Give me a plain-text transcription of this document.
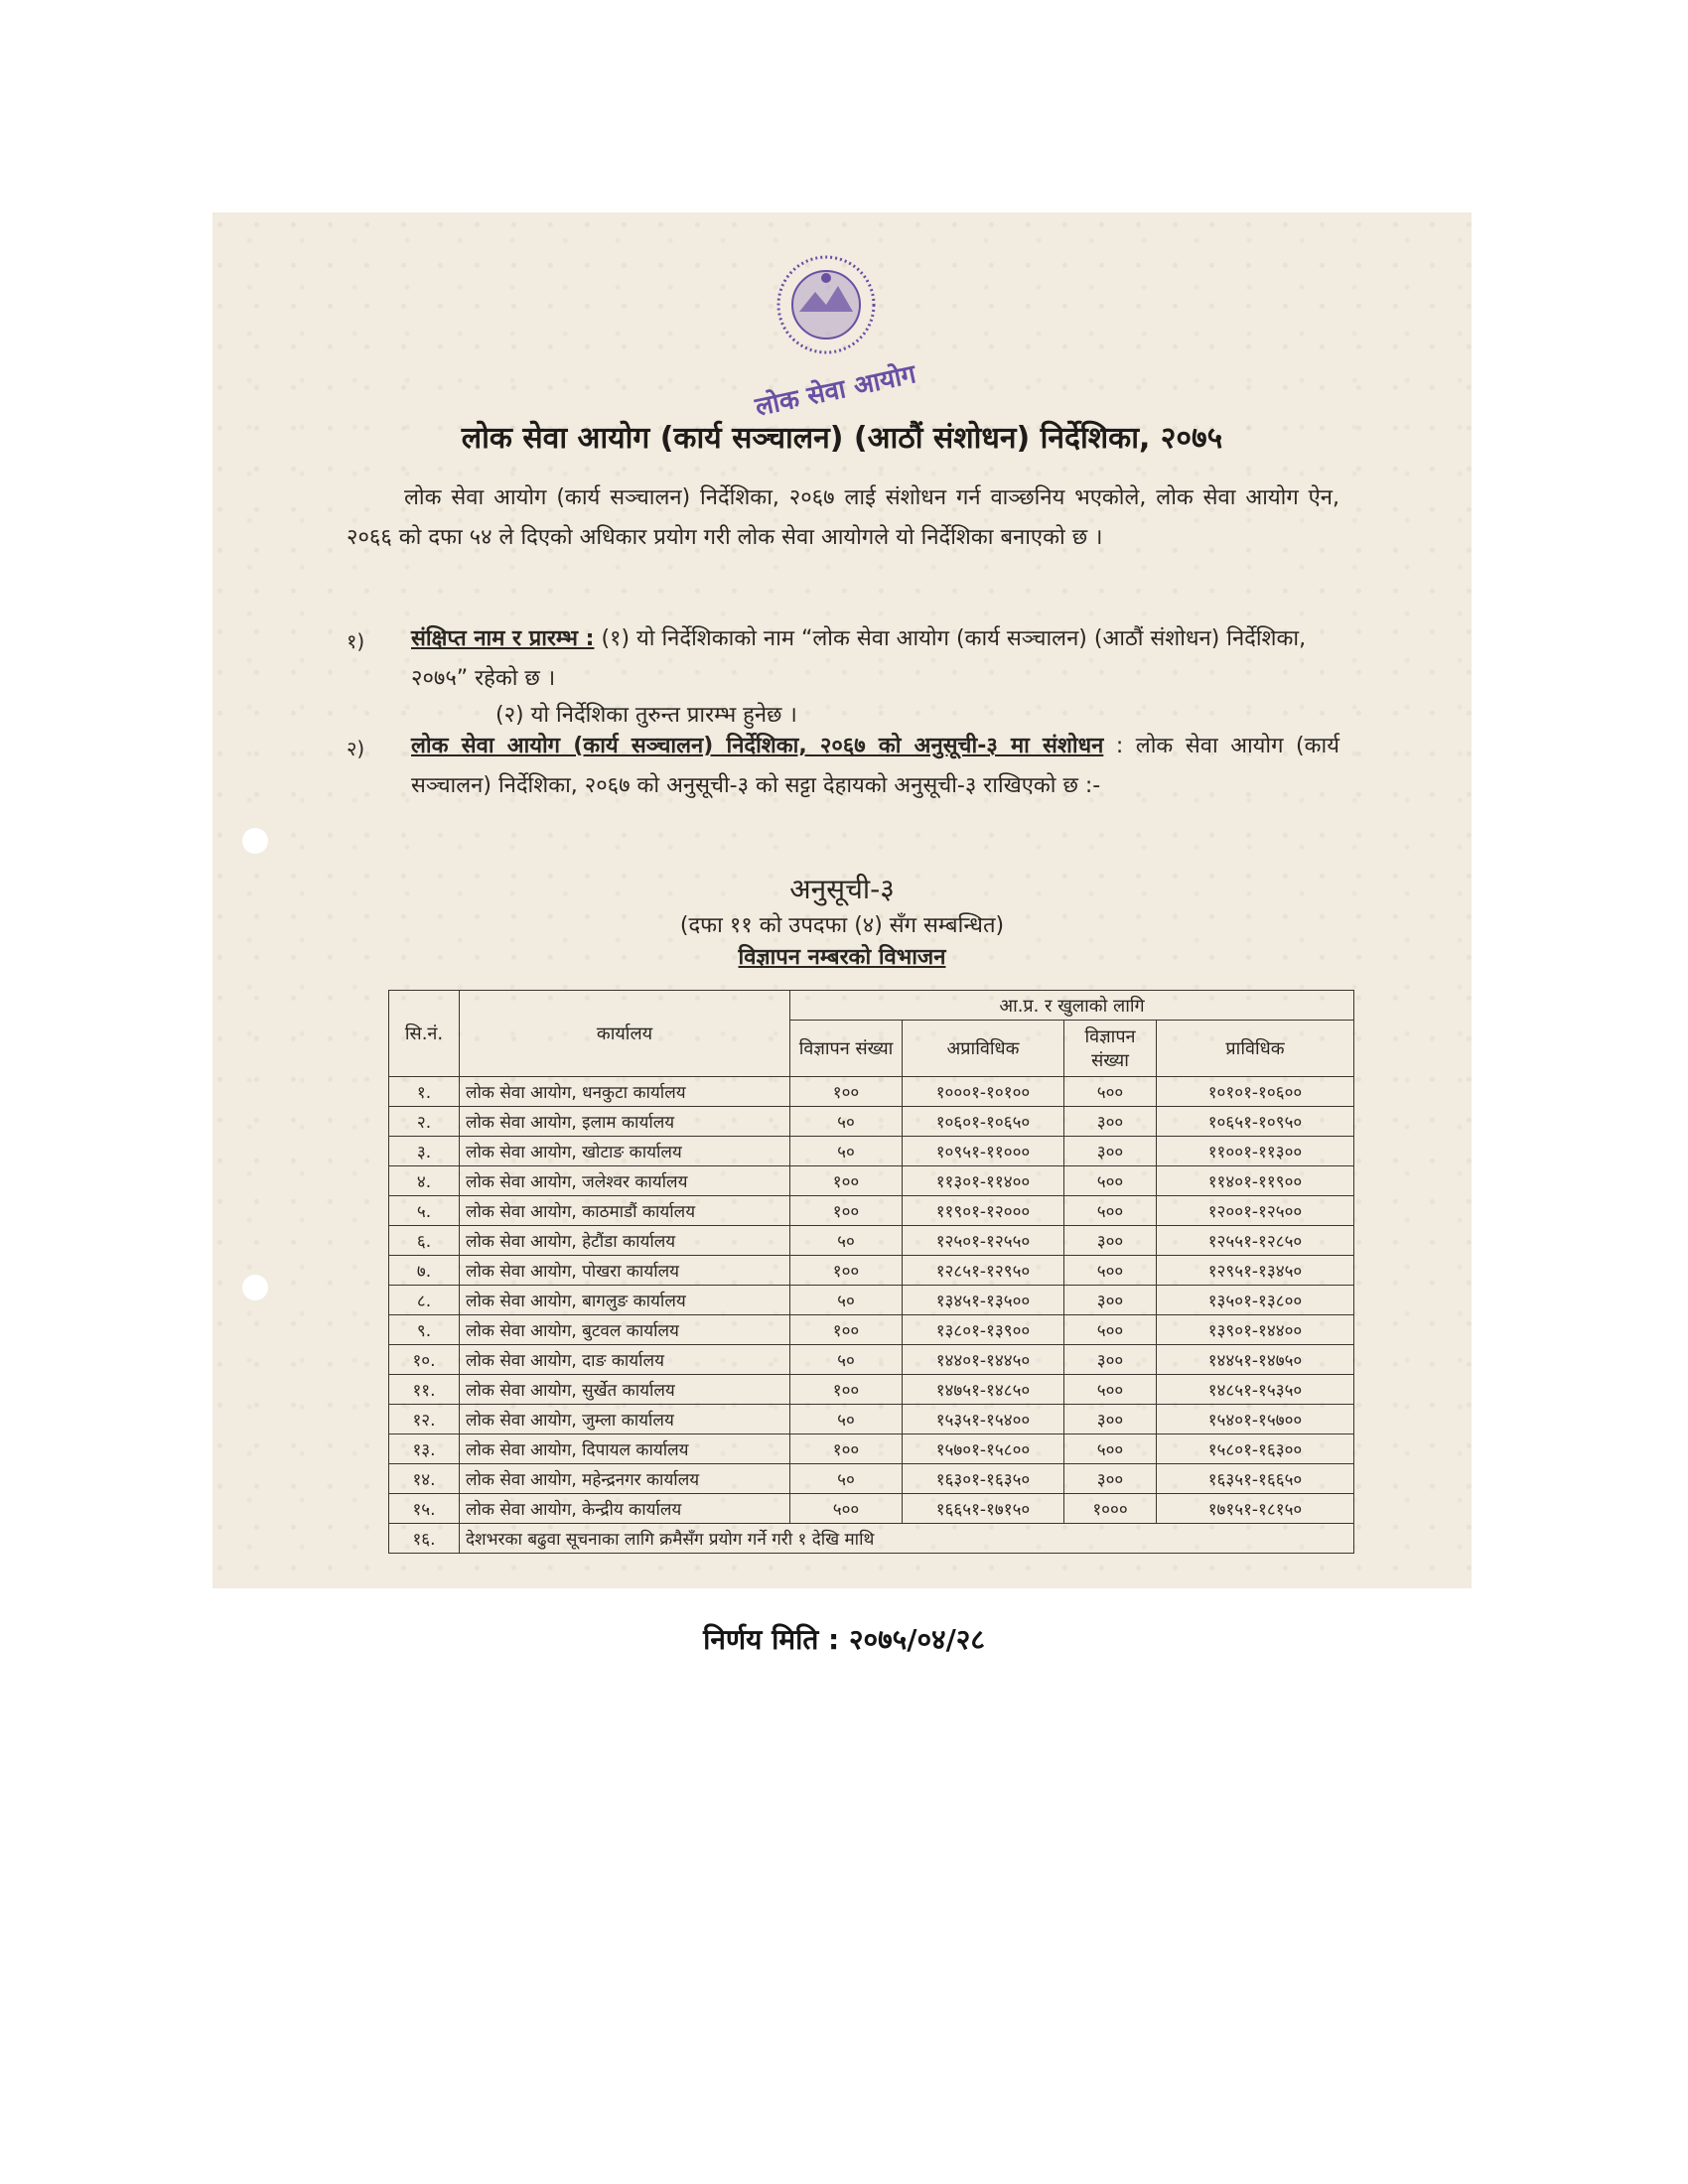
लोक सेवा आयोग
लोक सेवा आयोग (कार्य सञ्चालन) (आठौं संशोधन) निर्देशिका, २०७५
लोक सेवा आयोग (कार्य सञ्चालन) निर्देशिका, २०६७ लाई संशोधन गर्न वाञ्छनिय भएकोले, लोक सेवा आयोग ऐन, २०६६ को दफा ५४ ले दिएको अधिकार प्रयोग गरी लोक सेवा आयोगले यो निर्देशिका बनाएको छ ।
१) संक्षिप्त नाम र प्रारम्भ : (१) यो निर्देशिकाको नाम “लोक सेवा आयोग (कार्य सञ्चालन) (आठौं संशोधन) निर्देशिका, २०७५” रहेको छ ।
(२) यो निर्देशिका तुरुन्त प्रारम्भ हुनेछ ।
२) लोक सेवा आयोग (कार्य सञ्चालन) निर्देशिका, २०६७ को अनुसूची-३ मा संशोधन : लोक सेवा आयोग (कार्य सञ्चालन) निर्देशिका, २०६७ को अनुसूची-३ को सट्टा देहायको अनुसूची-३ राखिएको छ :-
अनुसूची-३
(दफा ११ को उपदफा (४) सँग सम्बन्धित)
विज्ञापन नम्बरको विभाजन
सि.नं.	कार्यालय	आ.प्र. र खुलाको लागि			
		विज्ञापन संख्या	अप्राविधिक	विज्ञापन संख्या	प्राविधिक
१.	लोक सेवा आयोग, धनकुटा कार्यालय	१००	१०००१-१०१००	५००	१०१०१-१०६००
२.	लोक सेवा आयोग, इलाम कार्यालय	५०	१०६०१-१०६५०	३००	१०६५१-१०९५०
३.	लोक सेवा आयोग, खोटाङ कार्यालय	५०	१०९५१-११०००	३००	११००१-११३००
४.	लोक सेवा आयोग, जलेश्वर कार्यालय	१००	११३०१-११४००	५००	११४०१-११९००
५.	लोक सेवा आयोग, काठमाडौं कार्यालय	१००	११९०१-१२०००	५००	१२००१-१२५००
६.	लोक सेवा आयोग, हेटौंडा कार्यालय	५०	१२५०१-१२५५०	३००	१२५५१-१२८५०
७.	लोक सेवा आयोग, पोखरा कार्यालय	१००	१२८५१-१२९५०	५००	१२९५१-१३४५०
८.	लोक सेवा आयोग, बागलुङ कार्यालय	५०	१३४५१-१३५००	३००	१३५०१-१३८००
९.	लोक सेवा आयोग, बुटवल कार्यालय	१००	१३८०१-१३९००	५००	१३९०१-१४४००
१०.	लोक सेवा आयोग, दाङ कार्यालय	५०	१४४०१-१४४५०	३००	१४४५१-१४७५०
११.	लोक सेवा आयोग, सुर्खेत कार्यालय	१००	१४७५१-१४८५०	५००	१४८५१-१५३५०
१२.	लोक सेवा आयोग, जुम्ला कार्यालय	५०	१५३५१-१५४००	३००	१५४०१-१५७००
१३.	लोक सेवा आयोग, दिपायल कार्यालय	१००	१५७०१-१५८००	५००	१५८०१-१६३००
१४.	लोक सेवा आयोग, महेन्द्रनगर कार्यालय	५०	१६३०१-१६३५०	३००	१६३५१-१६६५०
१५.	लोक सेवा आयोग, केन्द्रीय कार्यालय	५००	१६६५१-१७१५०	१०००	१७१५१-१८१५०
१६.	देशभरका बढुवा सूचनाका लागि क्रमैसँग प्रयोग गर्ने गरी १ देखि माथि				
निर्णय मिति : २०७५/०४/२८
